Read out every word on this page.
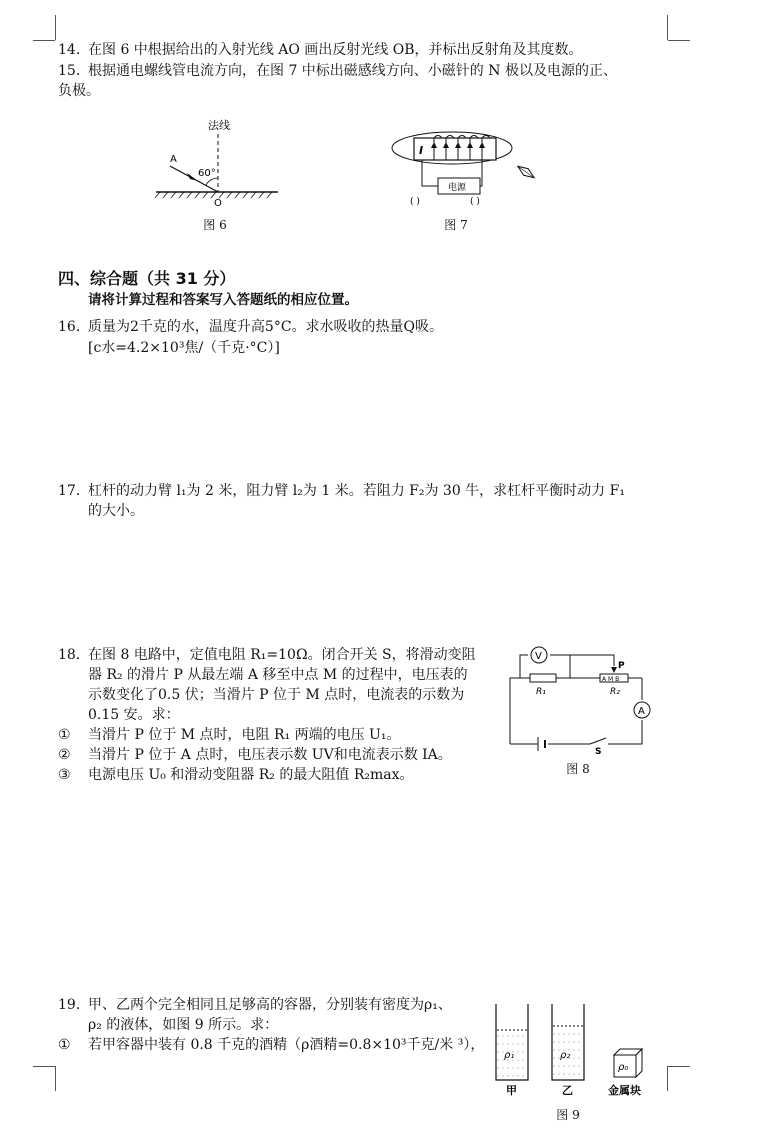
14．
在图 6 中根据给出的入射光线 AO 画出反射光线 OB，并标出反射角及其度数。
15．
根据通电螺线管电流方向，在图 7 中标出磁感线方向、小磁针的 N 极以及电源的正、
负极。
法线
A
60°
O
图 6
I
电源
( )	( )
图 7
四、综合题（共 31 分）
请将计算过程和答案写入答题纸的相应位置。
16．
质量为2千克的水，温度升高5°C。求水吸收的热量Q吸。
[c水=4.2×10³焦/（千克·°C）]
17．
杠杆的动力臂 l₁为 2 米，阻力臂 l₂为 1 米。若阻力 F₂为 30 牛，求杠杆平衡时动力 F₁
的大小。
18．
在图 8 电路中，定值电阻 R₁=10Ω。闭合开关 S，将滑动变阻
器 R₂ 的滑片 P 从最左端 A 移至中点 M 的过程中，电压表的
示数变化了0.5 伏；当滑片 P 位于 M 点时，电流表的示数为
0.15 安。求：
① 当滑片 P 位于 M 点时，电阻 R₁ 两端的电压 U₁。
② 当滑片 P 位于 A 点时，电压表示数 UV和电流表示数 IA。
③ 电源电压 U₀ 和滑动变阻器 R₂ 的最大阻值 R₂max。
V
R₁
A M B
P
R₂
A
S
图 8
19．
甲、乙两个完全相同且足够高的容器，分别装有密度为ρ₁、
ρ₂ 的液体，如图 9 所示。求：
① 若甲容器中装有 0.8 千克的酒精（ρ酒精=0.8×10³千克/米 ³），
ρ₁	ρ₂
ρ₀
甲	乙	金属块
图 9
